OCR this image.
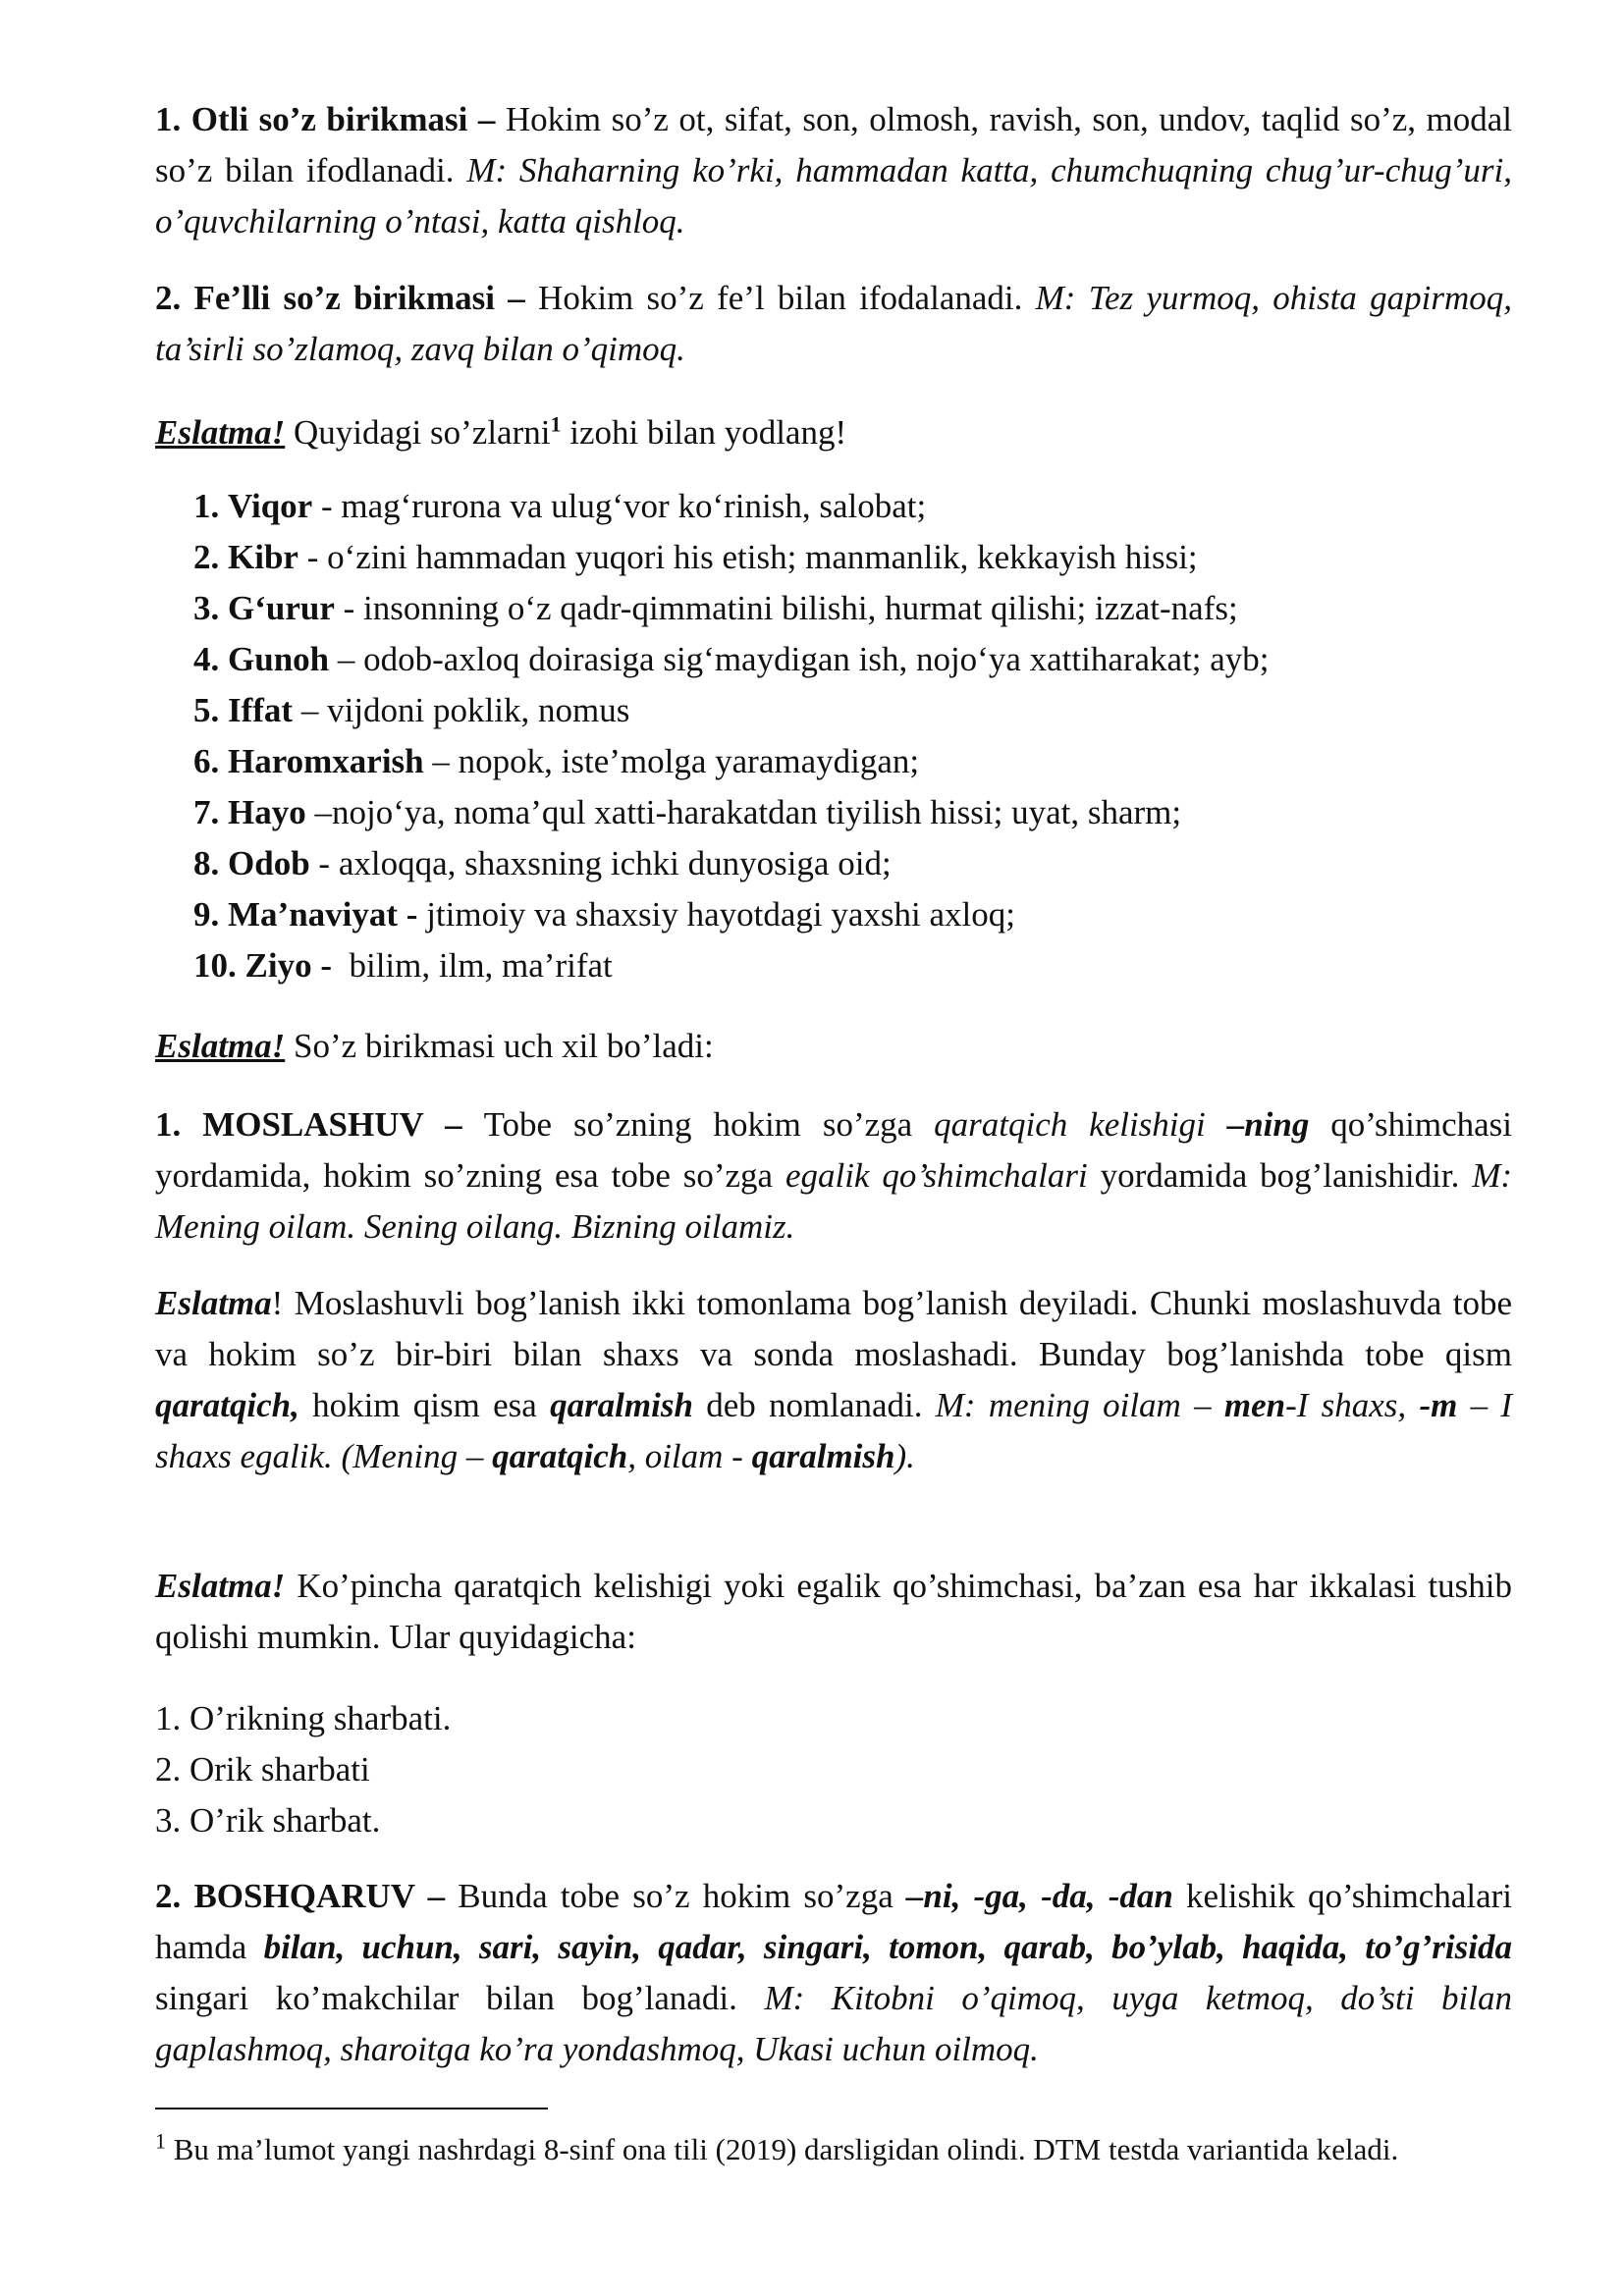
1. Otli so’z birikmasi – Hokim so’z ot, sifat, son, olmosh, ravish, son, undov, taqlid so’z, modal so’z bilan ifodlanadi. M: Shaharning ko’rki, hammadan katta, chumchuqning chug’ur-chug’uri, o’quvchilarning o’ntasi, katta qishloq.

2. Fe’lli so’z birikmasi – Hokim so’z fe’l bilan ifodalanadi. M: Tez yurmoq, ohista gapirmoq, ta’sirli so’zlamoq, zavq bilan o’qimoq.

Eslatma! Quyidagi so’zlarni$^1$ izohi bilan yodlang!
1. Viqor - mag‘rurona va ulug‘vor ko‘rinish, salobat;
2. Kibr - o‘zini hammadan yuqori his etish; manmanlik, kekkayish hissi;
3. G‘urur - insonning o‘z qadr-qimmatini bilishi, hurmat qilishi; izzat-nafs;
4. Gunoh – odob-axloq doirasiga sig‘maydigan ish, nojo‘ya xattiharakat; ayb;
5. Iffat – vijdoni poklik, nomus
6. Haromxarish – nopok, iste’molga yaramaydigan;
7. Hayo –nojo‘ya, noma’qul xatti-harakatdan tiyilish hissi; uyat, sharm;
8. Odob - axloqqa, shaxsning ichki dunyosiga oid;
9. Ma’naviyat - jtimoiy va shaxsiy hayotdagi yaxshi axloq;
10. Ziyo - bilim, ilm, ma’rifat
Eslatma! So’z birikmasi uch xil bo’ladi:

1. MOSLASHUV – Tobe so’zning hokim so’zga qaratqich kelishigi –ning qo’shimchasi yordamida, hokim so’zning esa tobe so’zga egalik qo’shimchalari yordamida bog’lanishidir. M: Mening oilam. Sening oilang. Bizning oilamiz.

Eslatma! Moslashuvli bog’lanish ikki tomonlama bog’lanish deyiladi. Chunki moslashuvda tobe va hokim so’z bir-biri bilan shaxs va sonda moslashadi. Bunday bog’lanishda tobe qism qaratqich, hokim qism esa qaralmish deb nomlanadi. M: mening oilam – men-I shaxs, -m – I shaxs egalik. (Mening – qaratqich, oilam - qaralmish).

Eslatma! Ko’pincha qaratqich kelishigi yoki egalik qo’shimchasi, ba’zan esa har ikkalasi tushib qolishi mumkin. Ular quyidagicha:

1. O’rikning sharbati.
2. Orik sharbati
3. O’rik sharbat.

2. BOSHQARUV – Bunda tobe so’z hokim so’zga –ni, -ga, -da, -dan kelishik qo’shimchalari hamda bilan, uchun, sari, sayin, qadar, singari, tomon, qarab, bo’ylab, haqida, to’g’risida singari ko’makchilar bilan bog’lanadi. M: Kitobni o’qimoq, uyga ketmoq, do’sti bilan gaplashmoq, sharoitga ko’ra yondashmoq, Ukasi uchun oilmoq.

$^1$ Bu ma’lumot yangi nashrdagi 8-sinf ona tili (2019) darsligidan olindi. DTM testda variantida keladi.
